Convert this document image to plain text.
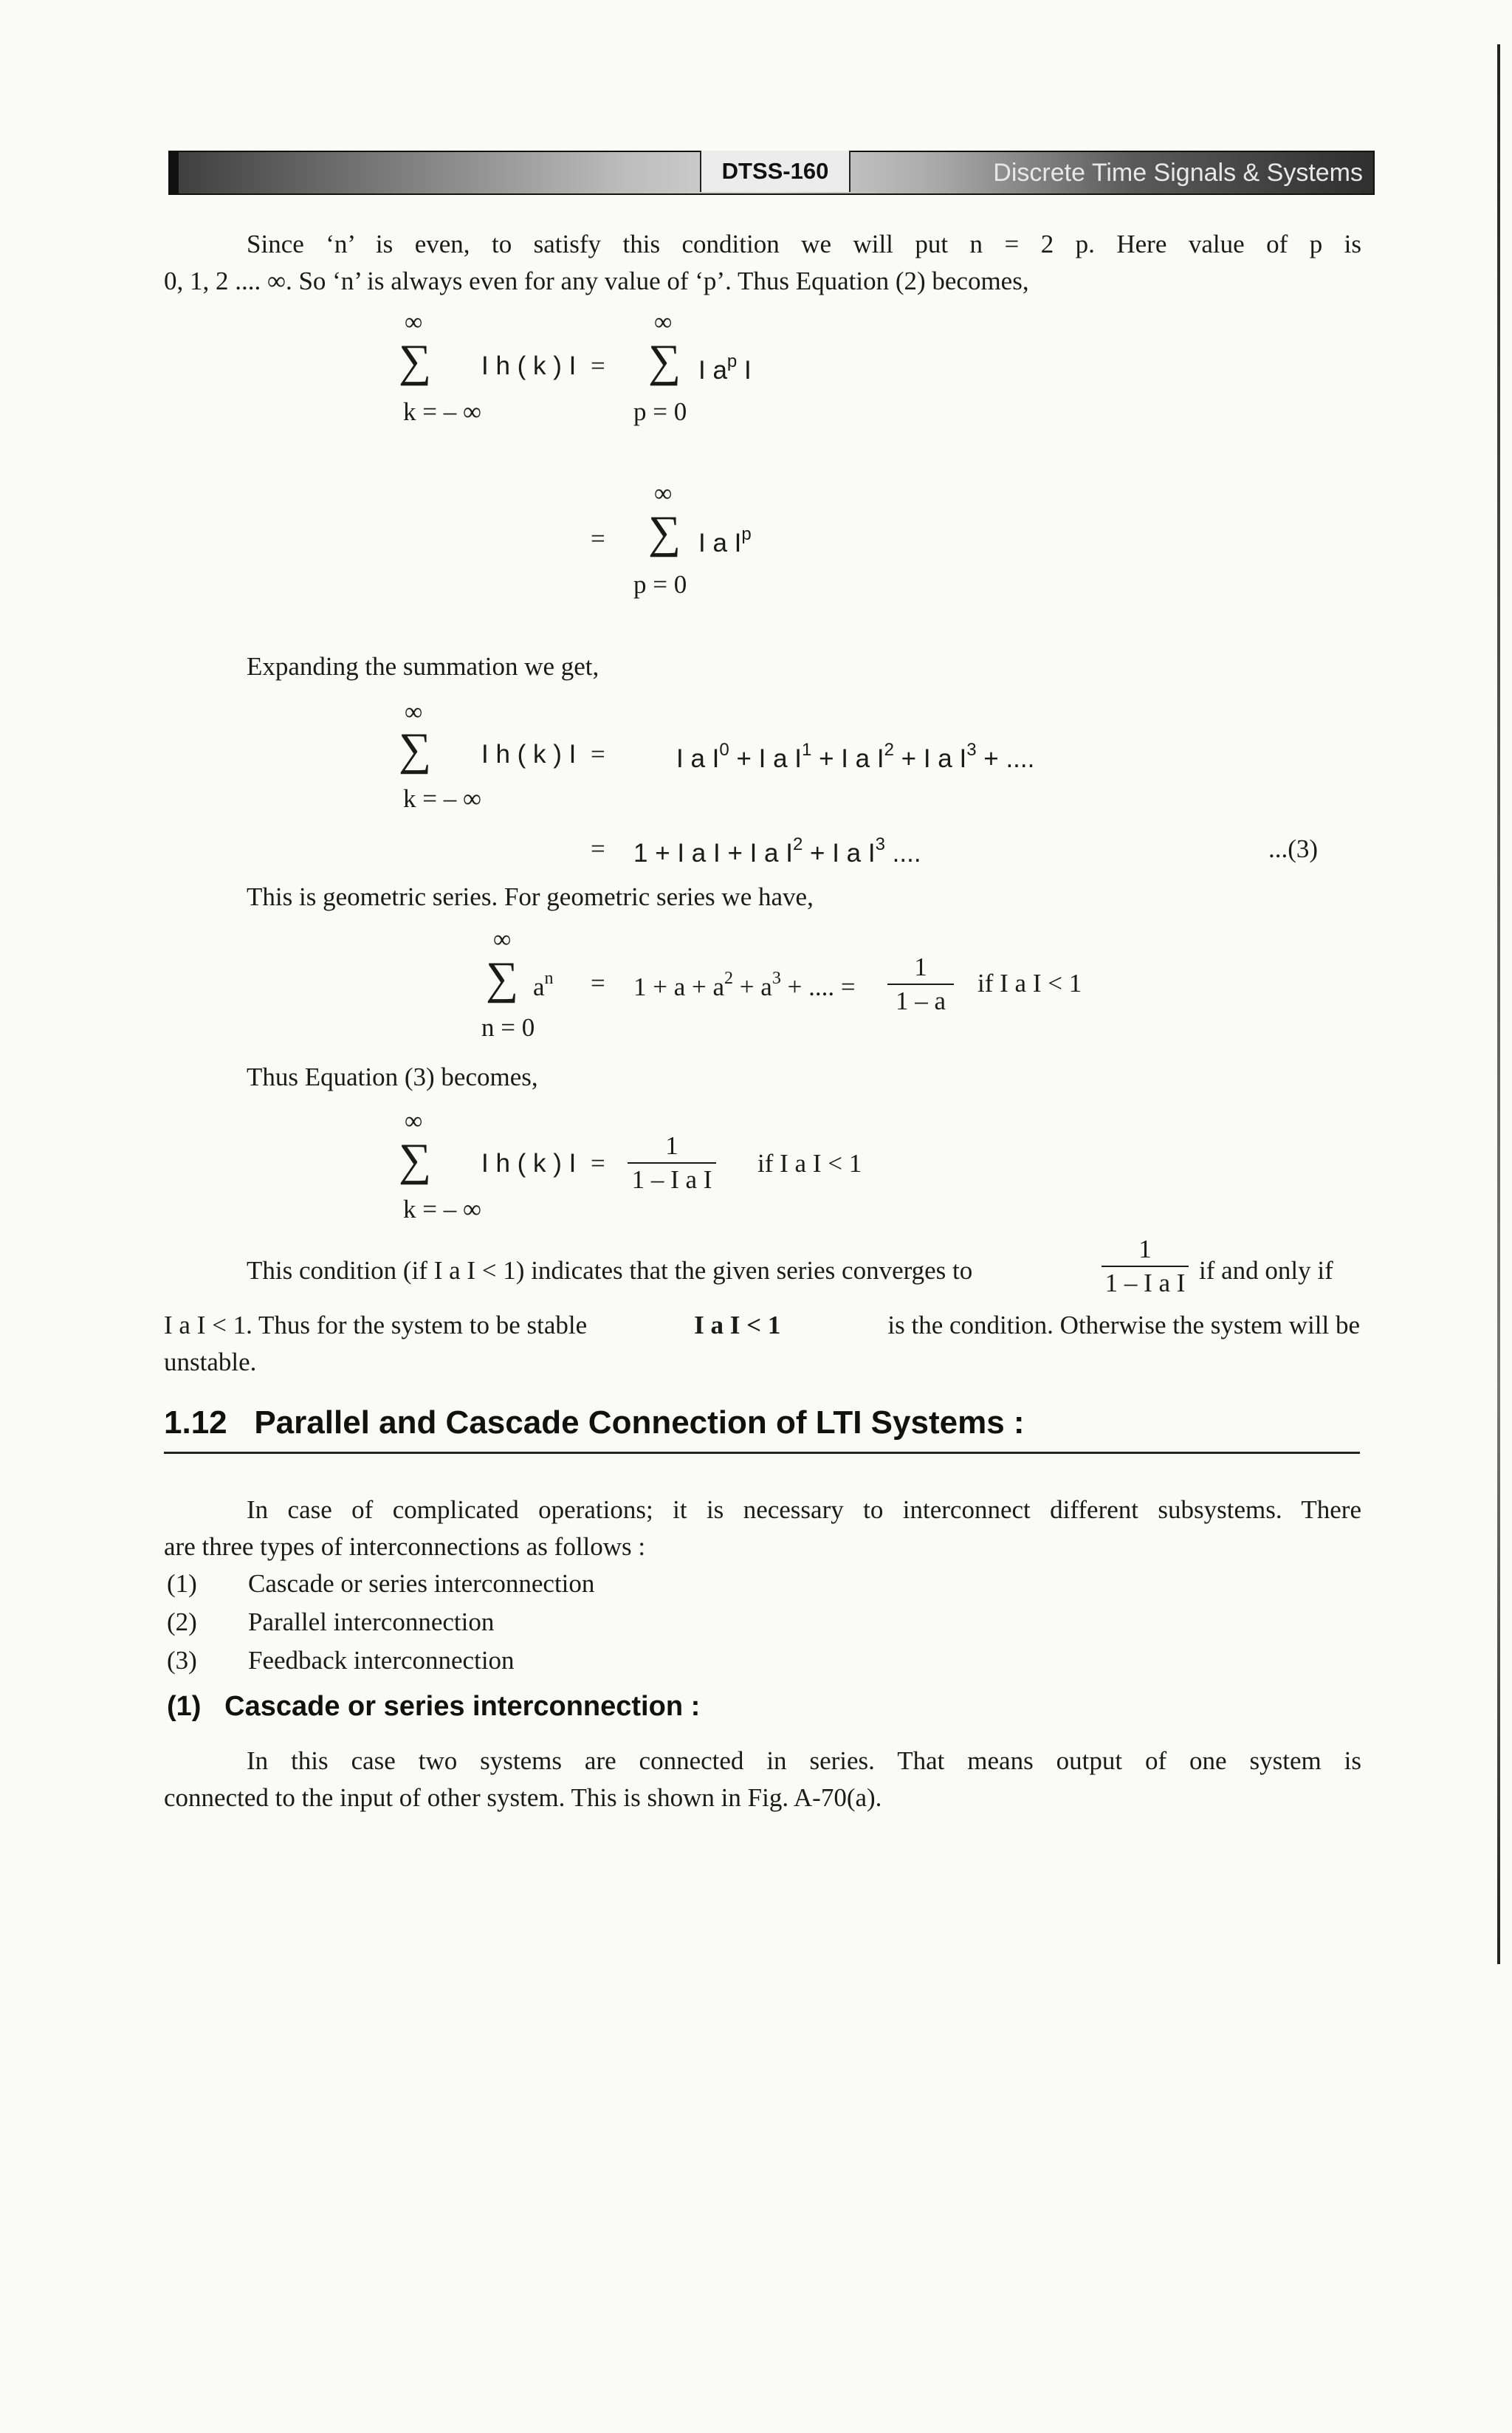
DTSS-160	Discrete Time Signals & Systems
Since ‘n’ is even, to satisfy this condition we will put n = 2 p. Here value of p is
0, 1, 2 .... ∞. So ‘n’ is always even for any value of ‘p’. Thus Equation (2) becomes,
∞
∑
k = – ∞
I h ( k ) I =
∞
∑
p = 0
I $a^p$ I
∞
= ∑
p = 0
I a $I^p$
Expanding the summation we get,
∞
∑
k = – ∞
I h ( k ) I =	I a $I^0 + I$ a $I^1 + I$ a $I^2 + I$ a $I^3$ + ....
= 1 + I a I + I a $I^2 + I$ a $I^3$ ....	...(3)
This is geometric series. For geometric series we have,
∞
∑
n = 0
$a^n = 1 + a + a^2 + a^3$ + .... = $\frac{1}{1 - a}$ if I a I < 1
Thus Equation (3) becomes,
∞
∑
k = – ∞
I h ( k ) $I = \frac{1}{\text{1 – I a I}}$ if I a I < 1
This condition (if I a I < 1) indicates that the given series converges to	$\frac{1}{\text{1 – I a I}}$ if and only if
I a I < 1. Thus for the system to be stable	I a I < 1	is the condition. Otherwise the system will be
unstable.
1.12 Parallel and Cascade Connection of LTI Systems :
In case of complicated operations; it is necessary to interconnect different subsystems. There
are three types of interconnections as follows :
(1) Cascade or series interconnection
(2) Parallel interconnection
(3) Feedback interconnection
(1) Cascade or series interconnection :
In this case two systems are connected in series. That means output of one system is
connected to the input of other system. This is shown in Fig. A-70(a).
